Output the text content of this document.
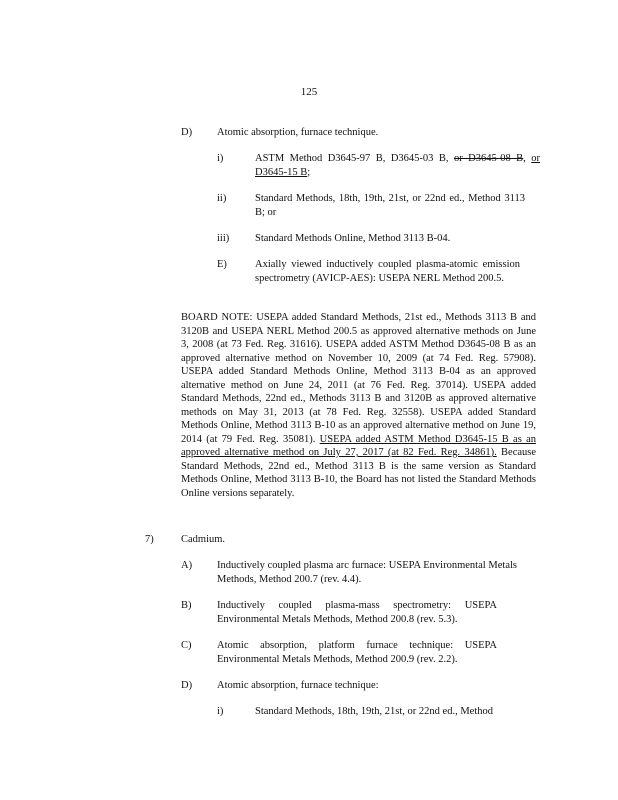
125
D) Atomic absorption, furnace technique.
i)	ASTM Method D3645-97 B, D3645-03 B, or D3645-08 B, or D3645-15 B;
ii)	Standard Methods, 18th, 19th, 21st, or 22nd ed., Method 3113 B; or
iii) Standard Methods Online, Method 3113 B-04.
E)	Axially viewed inductively coupled plasma-atomic emission spectrometry (AVICP-AES): USEPA NERL Method 200.5.
BOARD NOTE: USEPA added Standard Methods, 21st ed., Methods 3113 B and 3120B and USEPA NERL Method 200.5 as approved alternative methods on June 3, 2008 (at 73 Fed. Reg. 31616). USEPA added ASTM Method D3645-08 B as an approved alternative method on November 10, 2009 (at 74 Fed. Reg. 57908). USEPA added Standard Methods Online, Method 3113 B-04 as an approved alternative method on June 24, 2011 (at 76 Fed. Reg. 37014). USEPA added Standard Methods, 22nd ed., Methods 3113 B and 3120B as approved alternative methods on May 31, 2013 (at 78 Fed. Reg. 32558). USEPA added Standard Methods Online, Method 3113 B-10 as an approved alternative method on June 19, 2014 (at 79 Fed. Reg. 35081). USEPA added ASTM Method D3645-15 B as an approved alternative method on July 27, 2017 (at 82 Fed. Reg. 34861). Because Standard Methods, 22nd ed., Method 3113 B is the same version as Standard Methods Online, Method 3113 B-10, the Board has not listed the Standard Methods Online versions separately.
7)	Cadmium.
A) Inductively coupled plasma arc furnace: USEPA Environmental Metals Methods, Method 200.7 (rev. 4.4).
B) Inductively coupled plasma-mass spectrometry: USEPA Environmental Metals Methods, Method 200.8 (rev. 5.3).
C) Atomic absorption, platform furnace technique: USEPA Environmental Metals Methods, Method 200.9 (rev. 2.2).
D) Atomic absorption, furnace technique:
i)	Standard Methods, 18th, 19th, 21st, or 22nd ed., Method
